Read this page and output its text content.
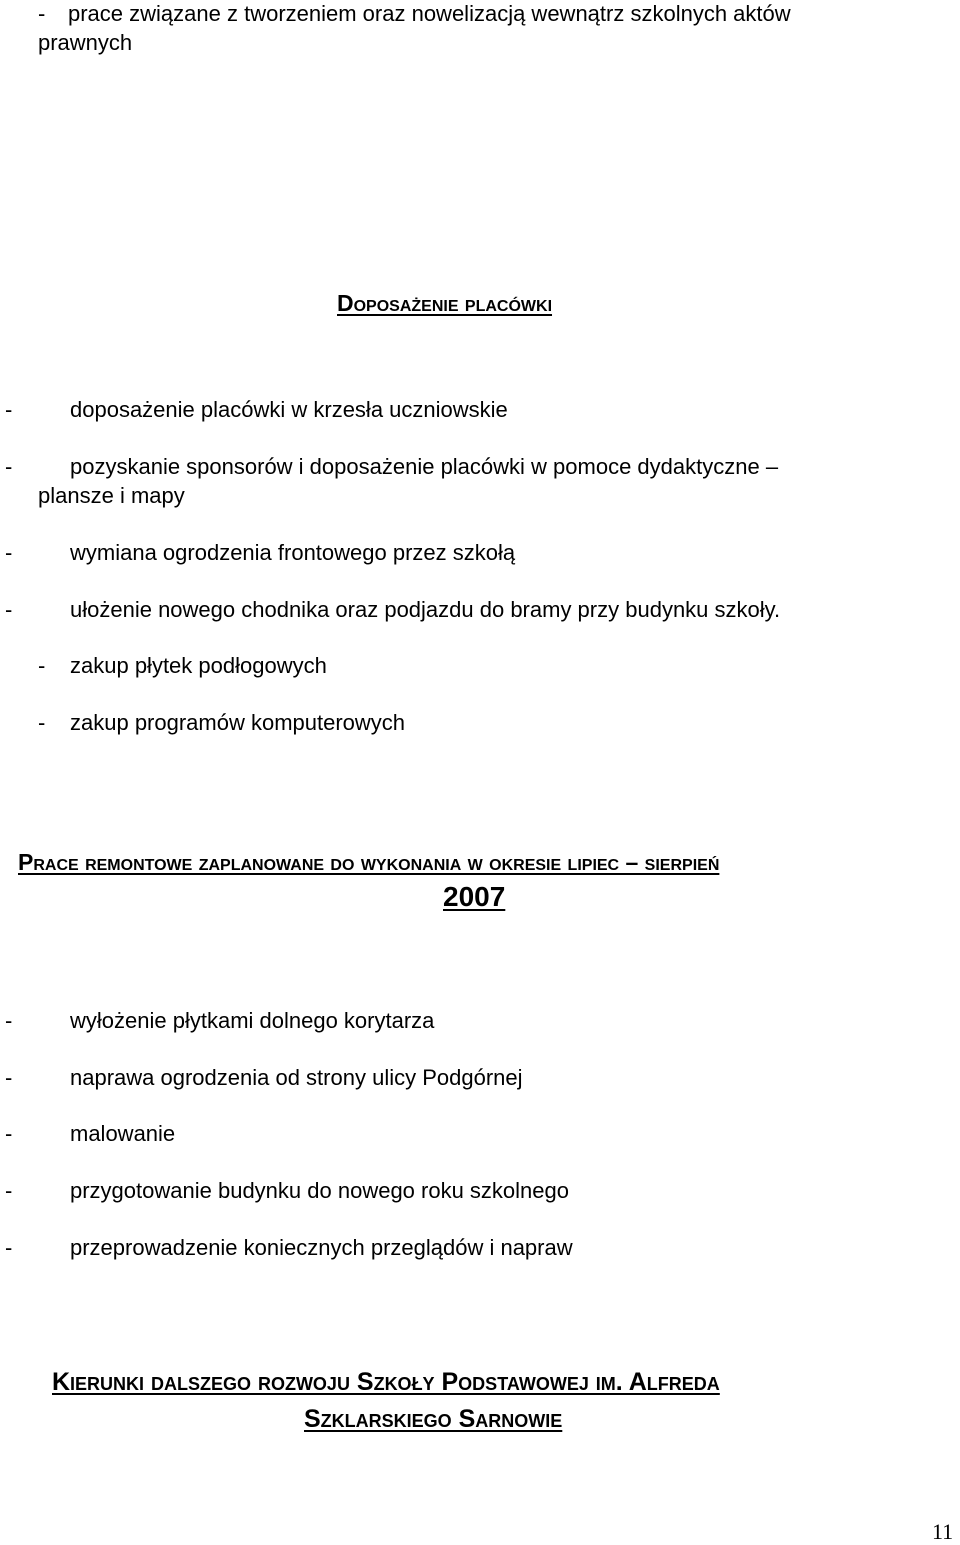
- prace związane z tworzeniem oraz nowelizacją wewnątrz szkolnych aktów
prawnych
Doposażenie placówki
-	doposażenie placówki w krzesła uczniowskie
-	pozyskanie sponsorów i doposażenie placówki w pomoce dydaktyczne –
plansze i mapy
-	wymiana ogrodzenia frontowego przez szkołą
-	ułożenie nowego chodnika oraz podjazdu do bramy przy budynku szkoły.
- zakup płytek podłogowych
- zakup programów komputerowych
Prace remontowe zaplanowane do wykonania w okresie lipiec – sierpień
2007
-	wyłożenie płytkami dolnego korytarza
-	naprawa ogrodzenia od strony ulicy Podgórnej
-	malowanie
-	przygotowanie budynku do nowego roku szkolnego
-	przeprowadzenie koniecznych przeglądów i napraw
Kierunki dalszego rozwoju Szkoły Podstawowej im. Alfreda
Szklarskiego Sarnowie
11
